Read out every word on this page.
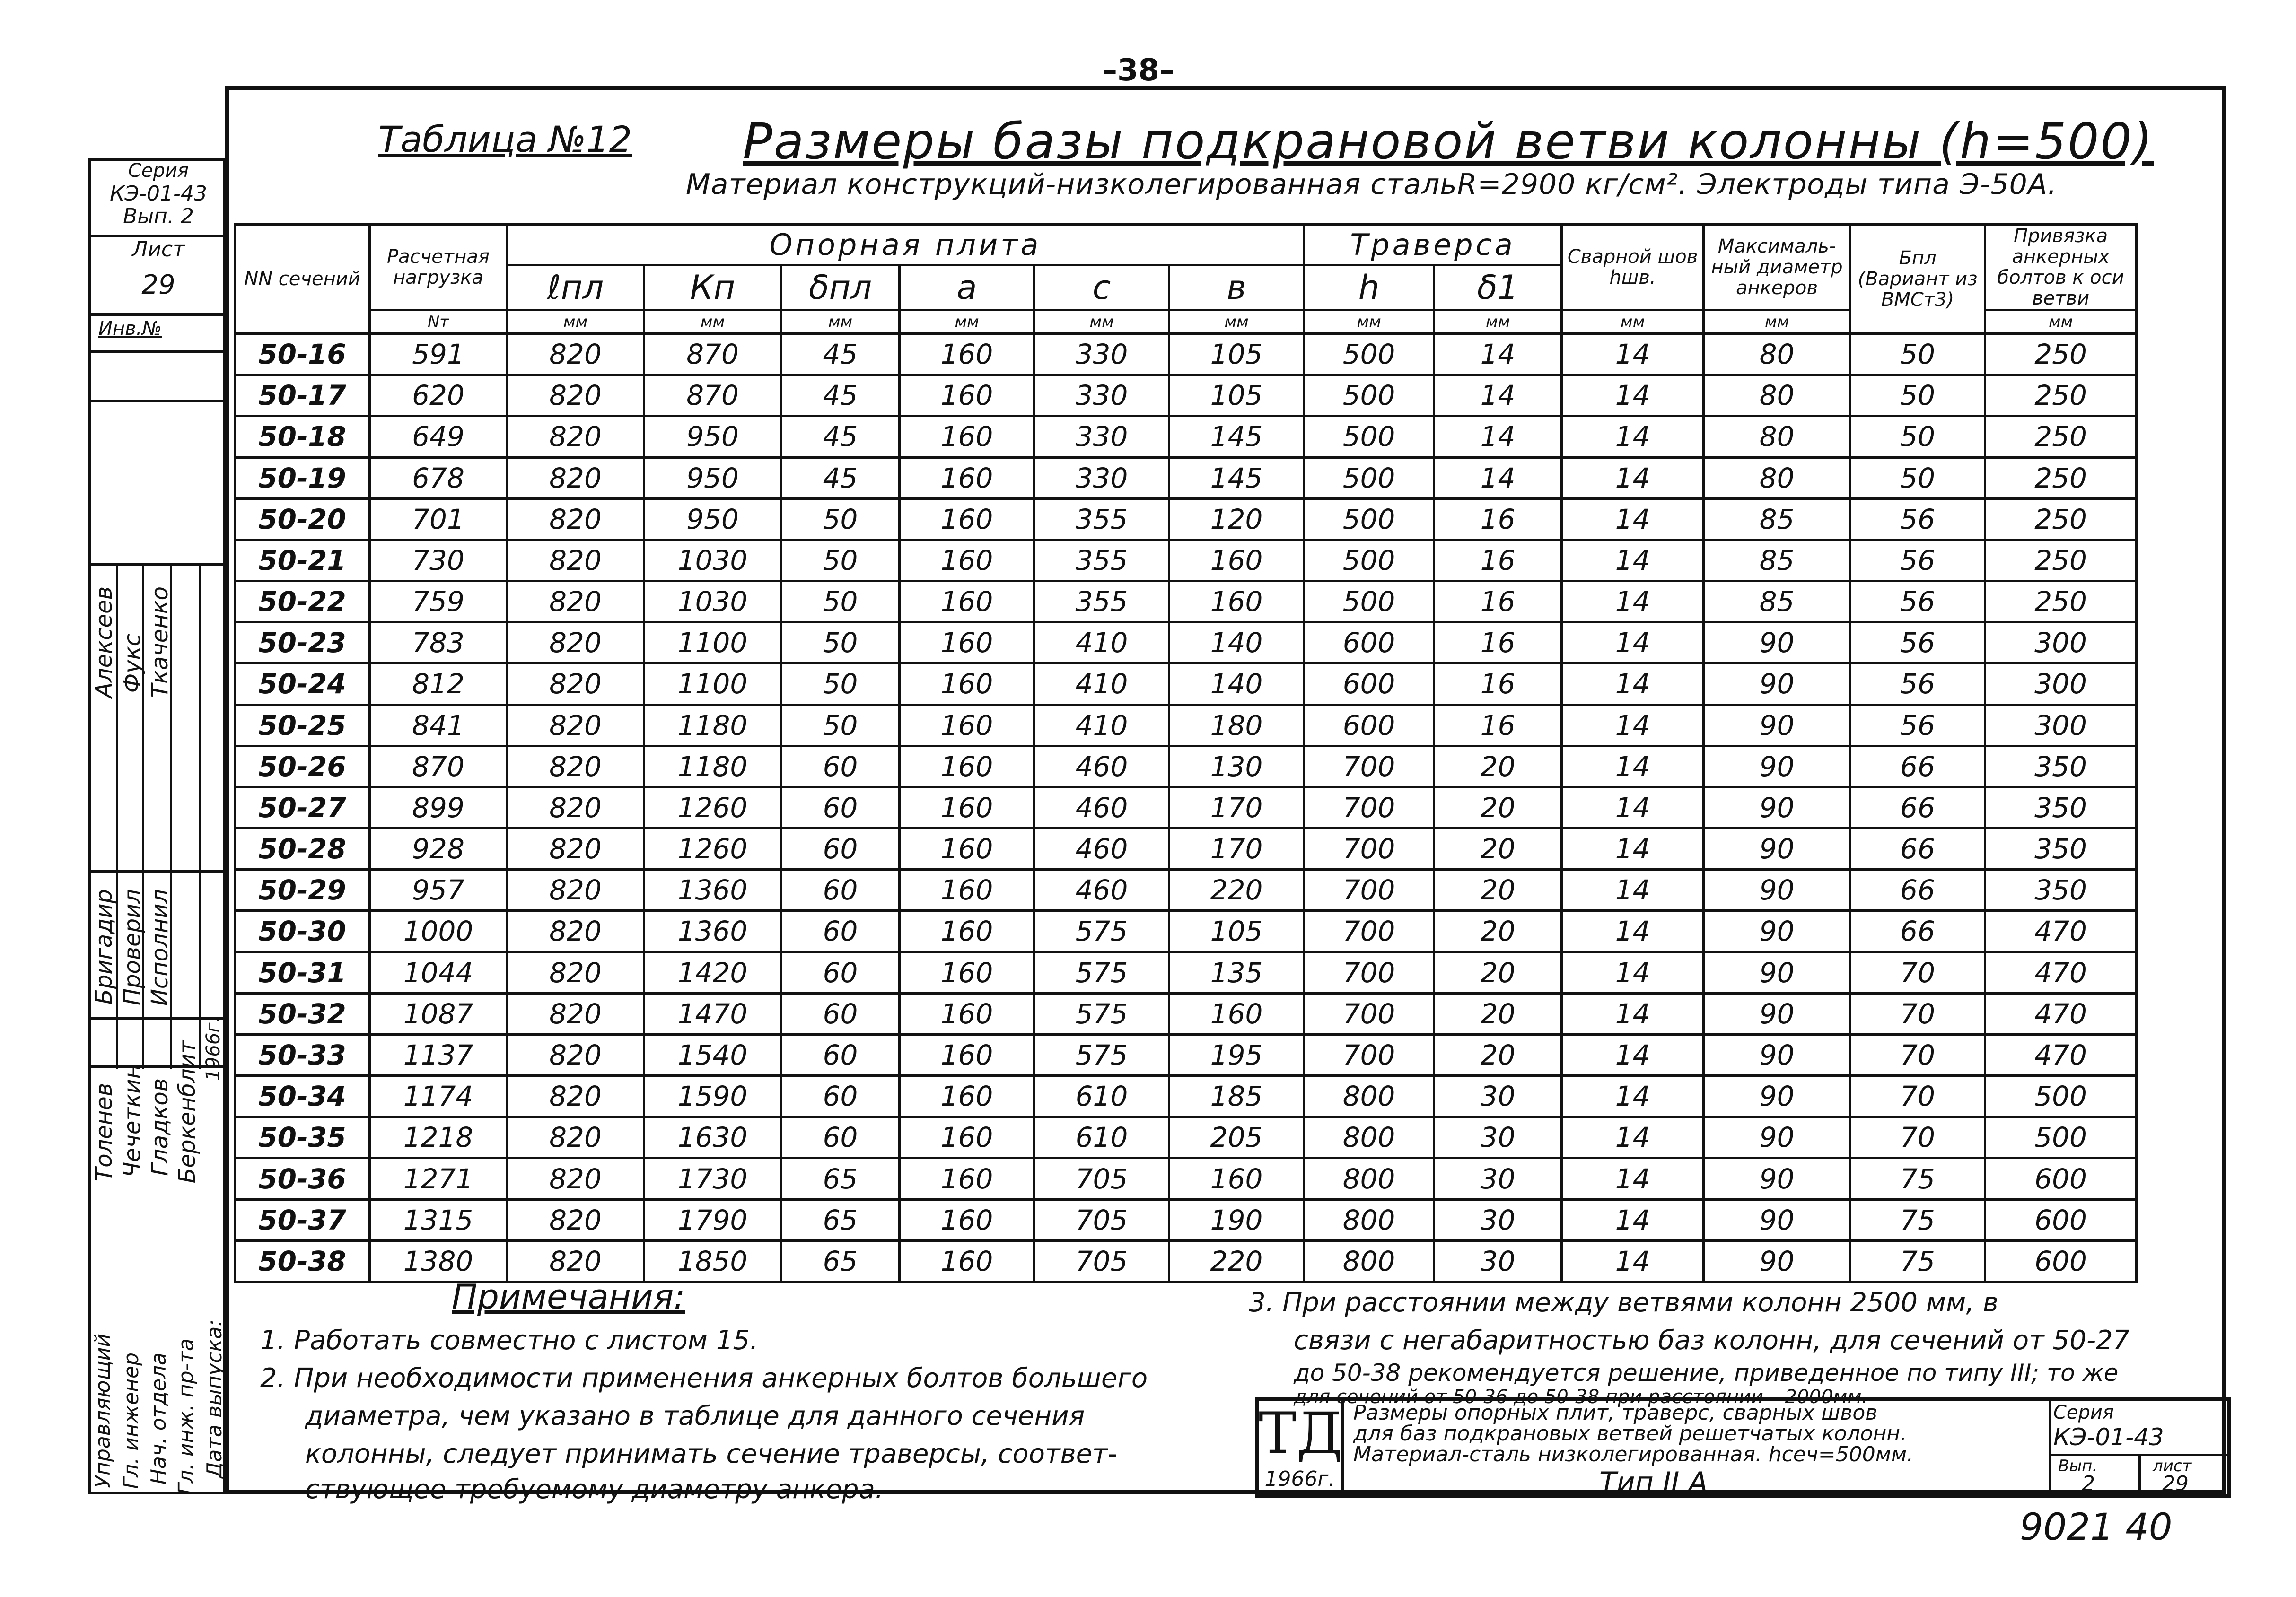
–38–
Таблица №12 Размеры базы подкрановой ветви колонны (h=500)
Материал конструкций-низколегированная стальR=2900 кг/см². Электроды типа Э-50А.
Серия
КЭ-01-43
Вып. 2
Лист
29
Инв.№
Алексеев Фукс Ткаченко
Бригадир Проверил Исполнил
Толенев Чечеткин Гладков Беркенблит 1966г.
Управляющий Гл. инженер Нач. отдела Гл. инж. пр-та Дата выпуска:
NN сечений	Расчетная нагрузка	Опорная плита						Траверса		Сварной шов hшв.	Максималь-ный диаметр анкеров	Бпл (Вариант из ВМСт3)	Привязка анкерных болтов к оси ветви
		ℓпл	Кп	δпл	a	c	в	h	δ1				
	Nт	мм	мм	мм	мм	мм	мм	мм	мм	мм	мм		мм
50-16	591	820	870	45	160	330	105	500	14	14	80	50	250
50-17	620	820	870	45	160	330	105	500	14	14	80	50	250
50-18	649	820	950	45	160	330	145	500	14	14	80	50	250
50-19	678	820	950	45	160	330	145	500	14	14	80	50	250
50-20	701	820	950	50	160	355	120	500	16	14	85	56	250
50-21	730	820	1030	50	160	355	160	500	16	14	85	56	250
50-22	759	820	1030	50	160	355	160	500	16	14	85	56	250
50-23	783	820	1100	50	160	410	140	600	16	14	90	56	300
50-24	812	820	1100	50	160	410	140	600	16	14	90	56	300
50-25	841	820	1180	50	160	410	180	600	16	14	90	56	300
50-26	870	820	1180	60	160	460	130	700	20	14	90	66	350
50-27	899	820	1260	60	160	460	170	700	20	14	90	66	350
50-28	928	820	1260	60	160	460	170	700	20	14	90	66	350
50-29	957	820	1360	60	160	460	220	700	20	14	90	66	350
50-30	1000	820	1360	60	160	575	105	700	20	14	90	66	470
50-31	1044	820	1420	60	160	575	135	700	20	14	90	70	470
50-32	1087	820	1470	60	160	575	160	700	20	14	90	70	470
50-33	1137	820	1540	60	160	575	195	700	20	14	90	70	470
50-34	1174	820	1590	60	160	610	185	800	30	14	90	70	500
50-35	1218	820	1630	60	160	610	205	800	30	14	90	70	500
50-36	1271	820	1730	65	160	705	160	800	30	14	90	75	600
50-37	1315	820	1790	65	160	705	190	800	30	14	90	75	600
50-38	1380	820	1850	65	160	705	220	800	30	14	90	75	600
Примечания:
1. Работать совместно с листом 15.
2. При необходимости применения анкерных болтов большего
диаметра, чем указано в таблице для данного сечения
колонны, следует принимать сечение траверсы, соответ-
ствующее требуемому диаметру анкера.
3. При расстоянии между ветвями колонн 2500 мм, в
связи с негабаритностью баз колонн, для сечений от 50-27
до 50-38 рекомендуется решение, приведенное по типу III; то же
для сечений от 50-36 до 50-38 при расстоянии – 2000мм.
ТД
1966г.
Размеры опорных плит, траверс, сварных швов
для баз подкрановых ветвей решетчатых колонн.
Материал-сталь низколегированная. hсеч=500мм.
Тип II А
Серия
КЭ-01-43
Вып.
2
лист
29
9021 40
